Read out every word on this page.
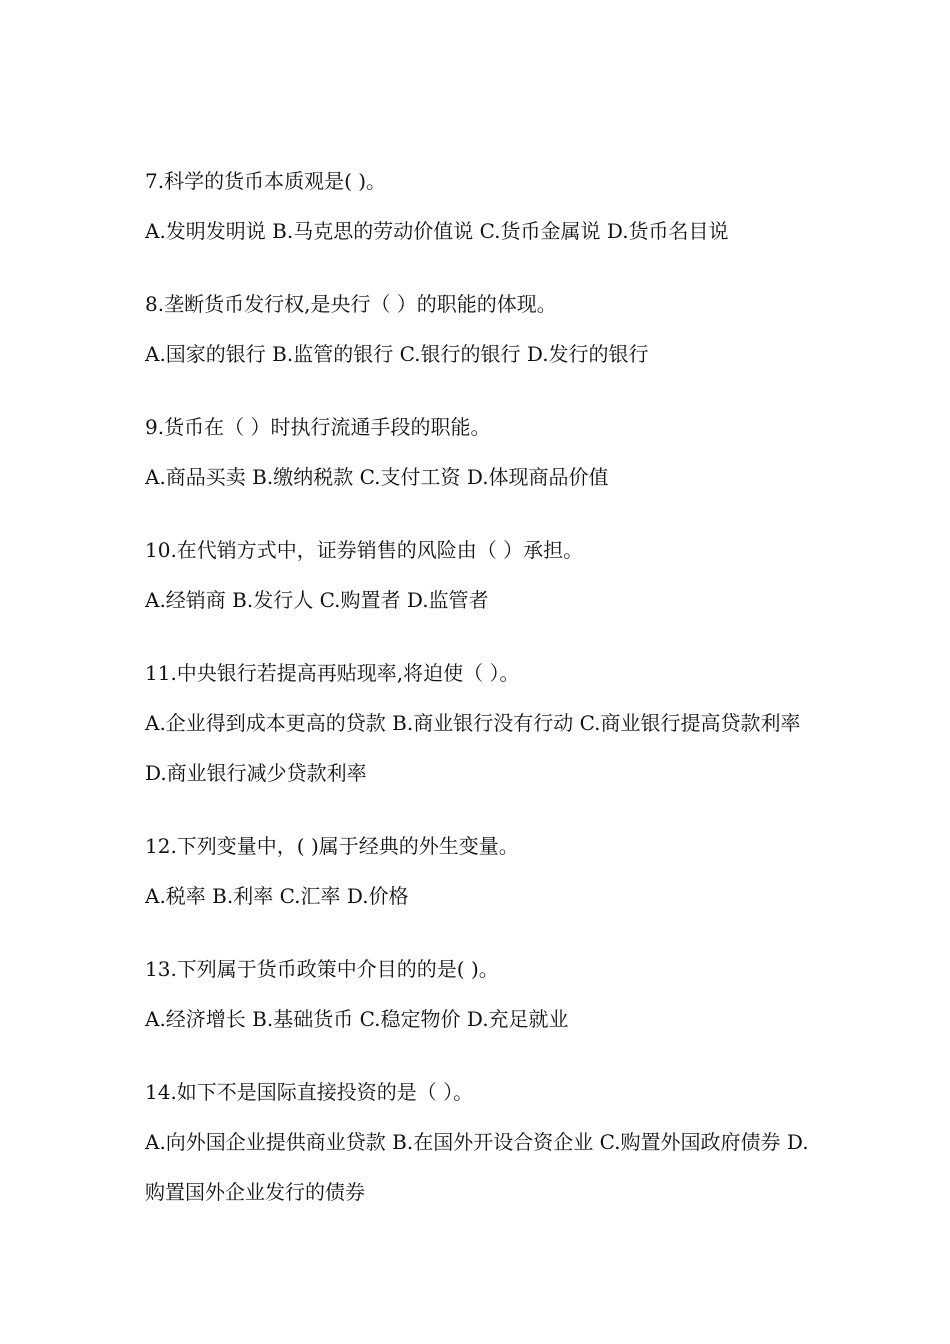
7.科学的货币本质观是( )。

A.发明发明说 B.马克思的劳动价值说 C.货币金属说 D.货币名目说

8.垄断货币发行权,是央行（ ）的职能的体现。

A.国家的银行 B.监管的银行 C.银行的银行 D.发行的银行

9.货币在（ ）时执行流通手段的职能。

A.商品买卖 B.缴纳税款 C.支付工资 D.体现商品价值

10.在代销方式中，证券销售的风险由（ ）承担。

A.经销商 B.发行人 C.购置者 D.监管者

11.中央银行若提高再贴现率,将迫使（ ）。

A.企业得到成本更高的贷款 B.商业银行没有行动 C.商业银行提高贷款利率 D.商业银行减少贷款利率

12.下列变量中，( )属于经典的外生变量。

A.税率 B.利率 C.汇率 D.价格

13.下列属于货币政策中介目的的是( )。

A.经济增长 B.基础货币 C.稳定物价 D.充足就业

14.如下不是国际直接投资的是（ ）。

A.向外国企业提供商业贷款 B.在国外开设合资企业 C.购置外国政府债券 D.购置国外企业发行的债券
